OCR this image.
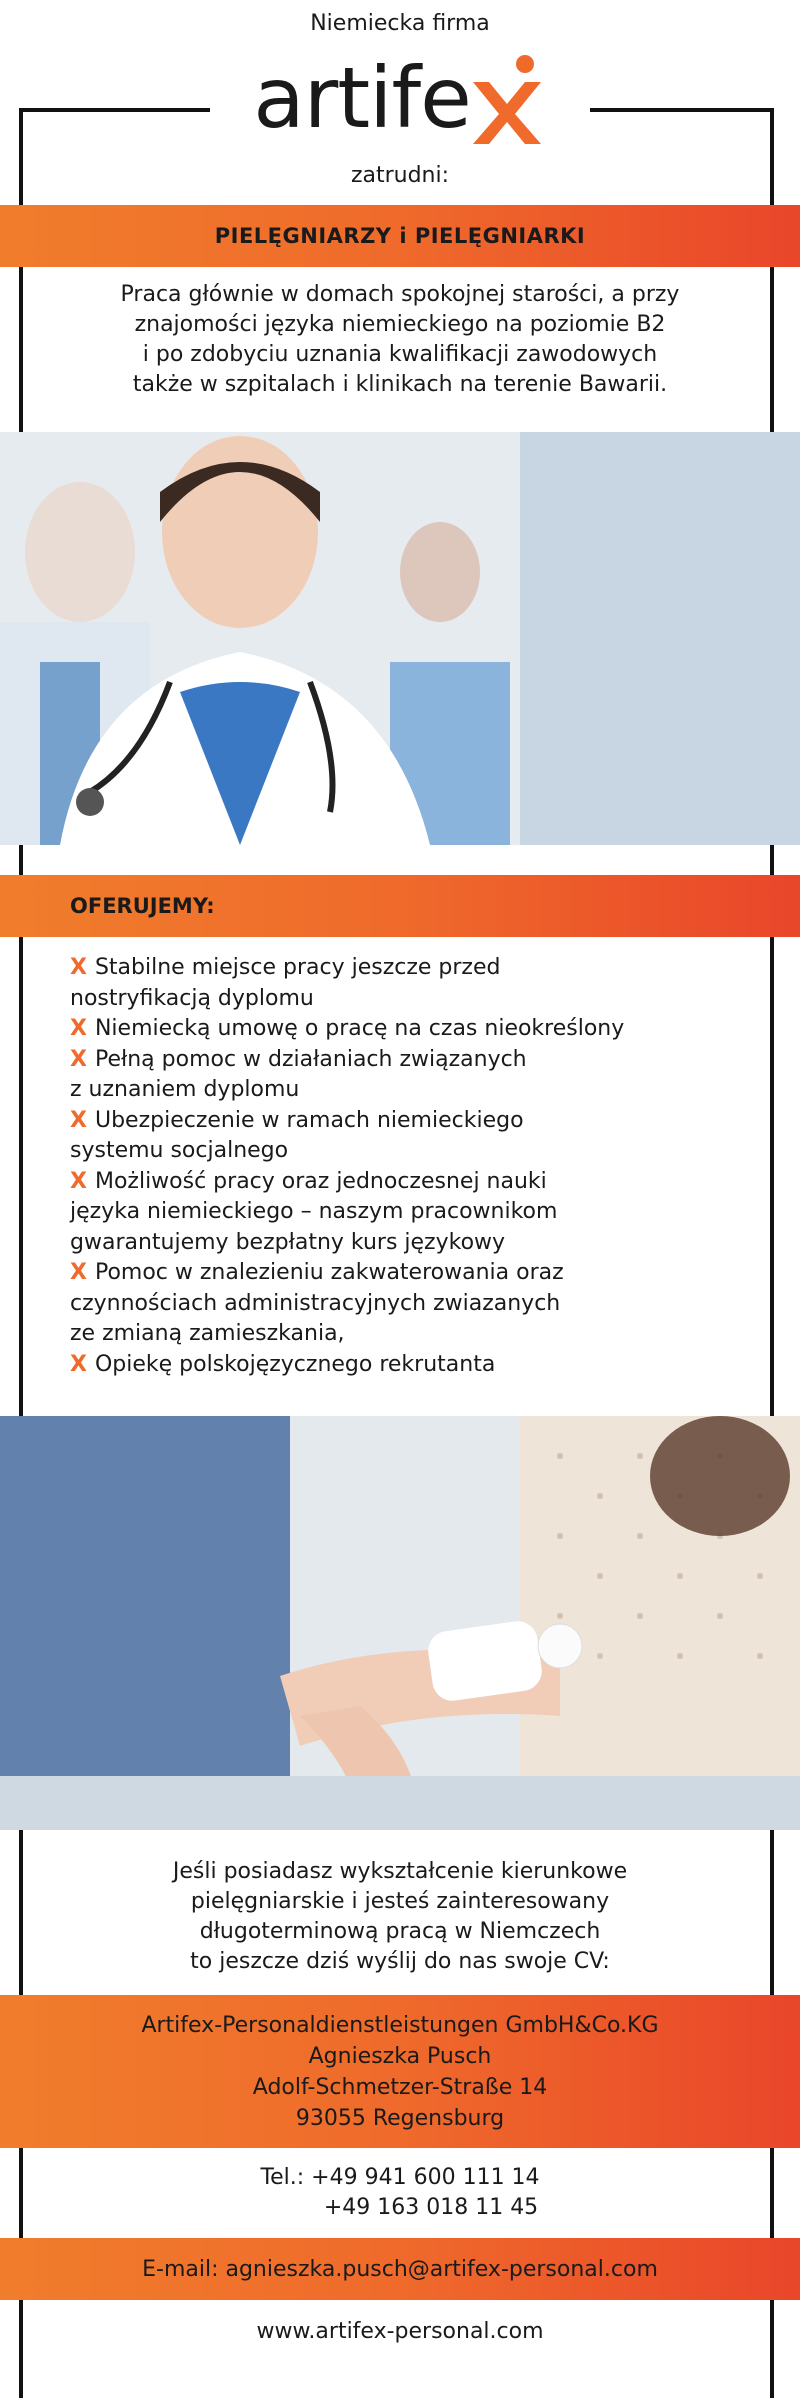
Niemiecka firma
artife
zatrudni:
PIELĘGNIARZY i PIELĘGNIARKI
Praca głównie w domach spokojnej starości, a przy
znajomości języka niemieckiego na poziomie B2
i po zdobyciu uznania kwalifikacji zawodowych
także w szpitalach i klinikach na terenie Bawarii.
OFERUJEMY:

X Stabilne miejsce pracy jeszcze przed
nostryfikacją dyplomu

X Niemiecką umowę o pracę na czas nieokreślony

X Pełną pomoc w działaniach związanych
z uznaniem dyplomu

X Ubezpieczenie w ramach niemieckiego
systemu socjalnego

X Możliwość pracy oraz jednoczesnej nauki
języka niemieckiego – naszym pracownikom
gwarantujemy bezpłatny kurs językowy

X Pomoc w znalezieniu zakwaterowania oraz
czynnościach administracyjnych zwiazanych
ze zmianą zamieszkania,

X Opiekę polskojęzycznego rekrutanta

Jeśli posiadasz wykształcenie kierunkowe
pielęgniarskie i jesteś zainteresowany
długoterminową pracą w Niemczech
to jeszcze dziś wyślij do nas swoje CV:
Artifex-Personaldienstleistungen GmbH&Co.KG
Agnieszka Pusch
Adolf-Schmetzer-Straße 14
93055 Regensburg
Tel.: +49 941 600 111 14
+49 163 018 11 45
E-mail: agnieszka.pusch@artifex-personal.com
www.artifex-personal.com
